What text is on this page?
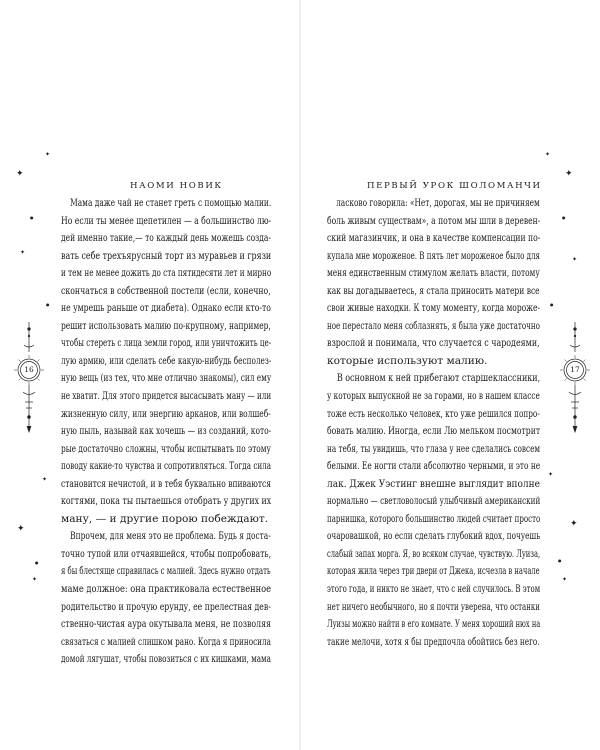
НАОМИ НОВИК
Мама даже чай не станет греть с помощью малии.
Но если ты менее щепетилен — а большинство лю-
дей именно такие,— то каждый день можешь созда-
вать себе трехъярусный торт из муравьев и грязи
и тем не менее дожить до ста пятидесяти лет и мирно
скончаться в собственной постели (если, конечно,
не умрешь раньше от диабета). Однако если кто-то
решит использовать малию по-крупному, например,
чтобы стереть с лица земли город, или уничтожить це-
лую армию, или сделать себе какую-нибудь бесполез-
ную вещь (из тех, что мне отлично знакомы), сил ему
не хватит. Для этого придется высасывать ману — или
жизненную силу, или энергию арканов, или волшеб-
ную пыль, называй как хочешь — из созданий, кото-
рые достаточно сложны, чтобы испытывать по этому
поводу какие-то чувства и сопротивляться. Тогда сила
становится нечистой, и в тебя буквально впиваются
когтями, пока ты пытаешься отобрать у других их
ману, — и другие порою побеждают.
Впрочем, для меня это не проблема. Будь я доста-
точно тупой или отчаявшейся, чтобы попробовать,
я бы блестяще справилась с малией. Здесь нужно отдать
маме должное: она практиковала естественное
родительство и прочую ерунду, ее прелестная дев-
ственно-чистая аура окутывала меня, не позволяя
связаться с малией слишком рано. Когда я приносила
домой лягушат, чтобы повозиться с их кишками, мама
16
✦
✦
●
✦
●
✦
✦
●
✦
ПЕРВЫЙ УРОК ШОЛОМАНЧИ
17
✦
✦
●
✦
●
✦
✦
●
✦
ласково говорила: «Нет, дорогая, мы не причиняем
боль живым существам», а потом мы шли в деревен-
ский магазинчик, и она в качестве компенсации по-
купала мне мороженое. В пять лет мороженое было для
меня единственным стимулом желать власти, потому
как вы догадываетесь, я стала приносить матери все
свои живые находки. К тому моменту, когда мороже-
ное перестало меня соблазнять, я была уже достаточно
взрослой и понимала, что случается с чародеями,
которые используют малию.
В основном к ней прибегают старшеклассники,
у которых выпускной не за горами, но в нашем классе
тоже есть несколько человек, кто уже решился попро-
бовать малию. Иногда, если Лю мельком посмотрит
на тебя, ты увидишь, что глаза у нее сделались совсем
белыми. Ее ногти стали абсолютно черными, и это не
лак. Джек Уэстинг внешне выглядит вполне
нормально — светловолосый улыбчивый американский
парнишка, которого большинство людей считает просто
очаровашкой, но если сделать глубокий вдох, почуешь
слабый запах морга. Я, во всяком случае, чувствую. Луиза,
которая жила через три двери от Джека, исчезла в начале
этого года, и никто не знает, что с ней случилось. В этом
нет ничего необычного, но я почти уверена, что останки
Луизы можно найти в его комнате. У меня хороший нюх на
такие мелочи, хотя я бы предпочла обойтись без него.
